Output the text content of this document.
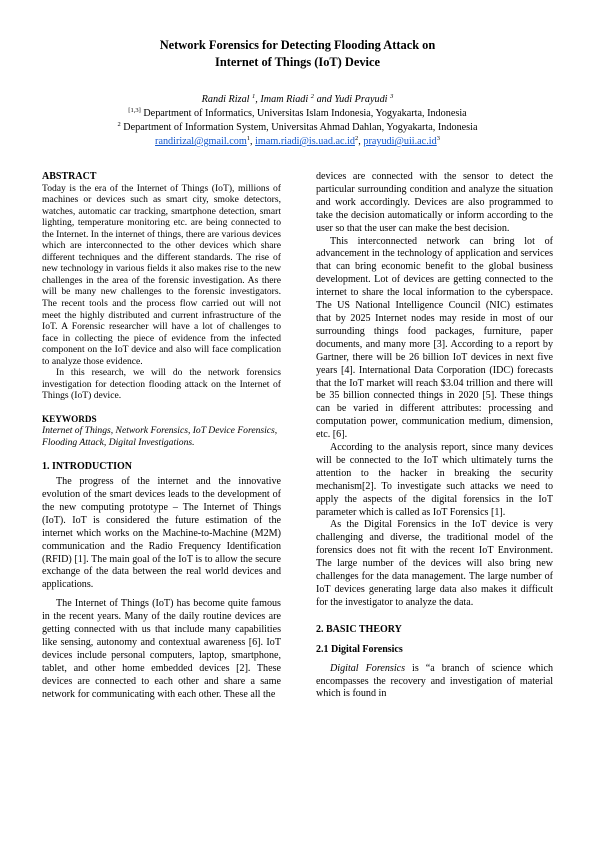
Network Forensics for Detecting Flooding Attack on
Internet of Things (IoT) Device
Randi Rizal $^1$, Imam Riadi $^2$ and Yudi Prayudi $^3$
[1,3] Department of Informatics, Universitas Islam Indonesia, Yogyakarta, Indonesia
$^2$ Department of Information System, Universitas Ahmad Dahlan, Yogyakarta, Indonesia
randirizal@gmail.com$^1$, $imam.riadi@is.uad.ac.id^2$, $prayudi@uii.ac.id^3$
ABSTRACT

Today is the era of the Internet of Things (IoT), millions of machines or devices such as smart city, smoke detectors, watches, automatic car tracking, smartphone detection, smart lighting, temperature monitoring etc. are being connected to the Internet. In the internet of things, there are various devices which are interconnected to the other devices which share different techniques and the different standards. The rise of new technology in various fields it also makes rise to the new challenges in the area of the forensic investigation. As there will be many new challenges to the forensic investigators. The recent tools and the process flow carried out will not meet the highly distributed and current infrastructure of the IoT. A Forensic researcher will have a lot of challenges to face in collecting the piece of evidence from the infected component on the IoT device and also will face complication to analyze those evidence.

In this research, we will do the network forensics investigation for detection flooding attack on the Internet of Things (IoT) device.

KEYWORDS

Internet of Things, Network Forensics, IoT Device Forensics, Flooding Attack, Digital Investigations.

1. INTRODUCTION

The progress of the internet and the innovative evolution of the smart devices leads to the development of the new computing prototype – The Internet of Things (IoT). IoT is considered the future estimation of the internet which works on the Machine-to-Machine (M2M) communication and the Radio Frequency Identification (RFID) [1]. The main goal of the IoT is to allow the secure exchange of the data between the real world devices and applications.

The Internet of Things (IoT) has become quite famous in the recent years. Many of the daily routine devices are getting connected with us that include many capabilities like sensing, autonomy and contextual awareness [6]. IoT devices include personal computers, laptop, smartphone, tablet, and other home embedded devices [2]. These devices are connected to each other and share a same network for communicating with each other. These all the

devices are connected with the sensor to detect the particular surrounding condition and analyze the situation and work accordingly. Devices are also programmed to take the decision automatically or inform according to the user so that the user can make the best decision.

This interconnected network can bring lot of advancement in the technology of application and services that can bring economic benefit to the global business development. Lot of devices are getting connected to the internet to share the local information to the cyberspace. The US National Intelligence Council (NIC) estimates that by 2025 Internet nodes may reside in most of our surrounding things food packages, furniture, paper documents, and many more [3]. According to a report by Gartner, there will be 26 billion IoT devices in next five years [4]. International Data Corporation (IDC) forecasts that the IoT market will reach $3.04 trillion and there will be 35 billion connected things in 2020 [5]. These things can be varied in different attributes: processing and computation power, communication medium, dimension, etc. [6].

According to the analysis report, since many devices will be connected to the IoT which ultimately turns the attention to the hacker in breaking the security mechanism[2]. To investigate such attacks we need to apply the aspects of the digital forensics in the IoT parameter which is called as IoT Forensics [1].

As the Digital Forensics in the IoT device is very challenging and diverse, the traditional model of the forensics does not fit with the recent IoT Environment. The large number of the devices will also bring new challenges for the data management. The large number of IoT devices generating large data also makes it difficult for the investigator to analyze the data.

2. BASIC THEORY
2.1 Digital Forensics

Digital Forensics is “a branch of science which encompasses the recovery and investigation of material which is found in
